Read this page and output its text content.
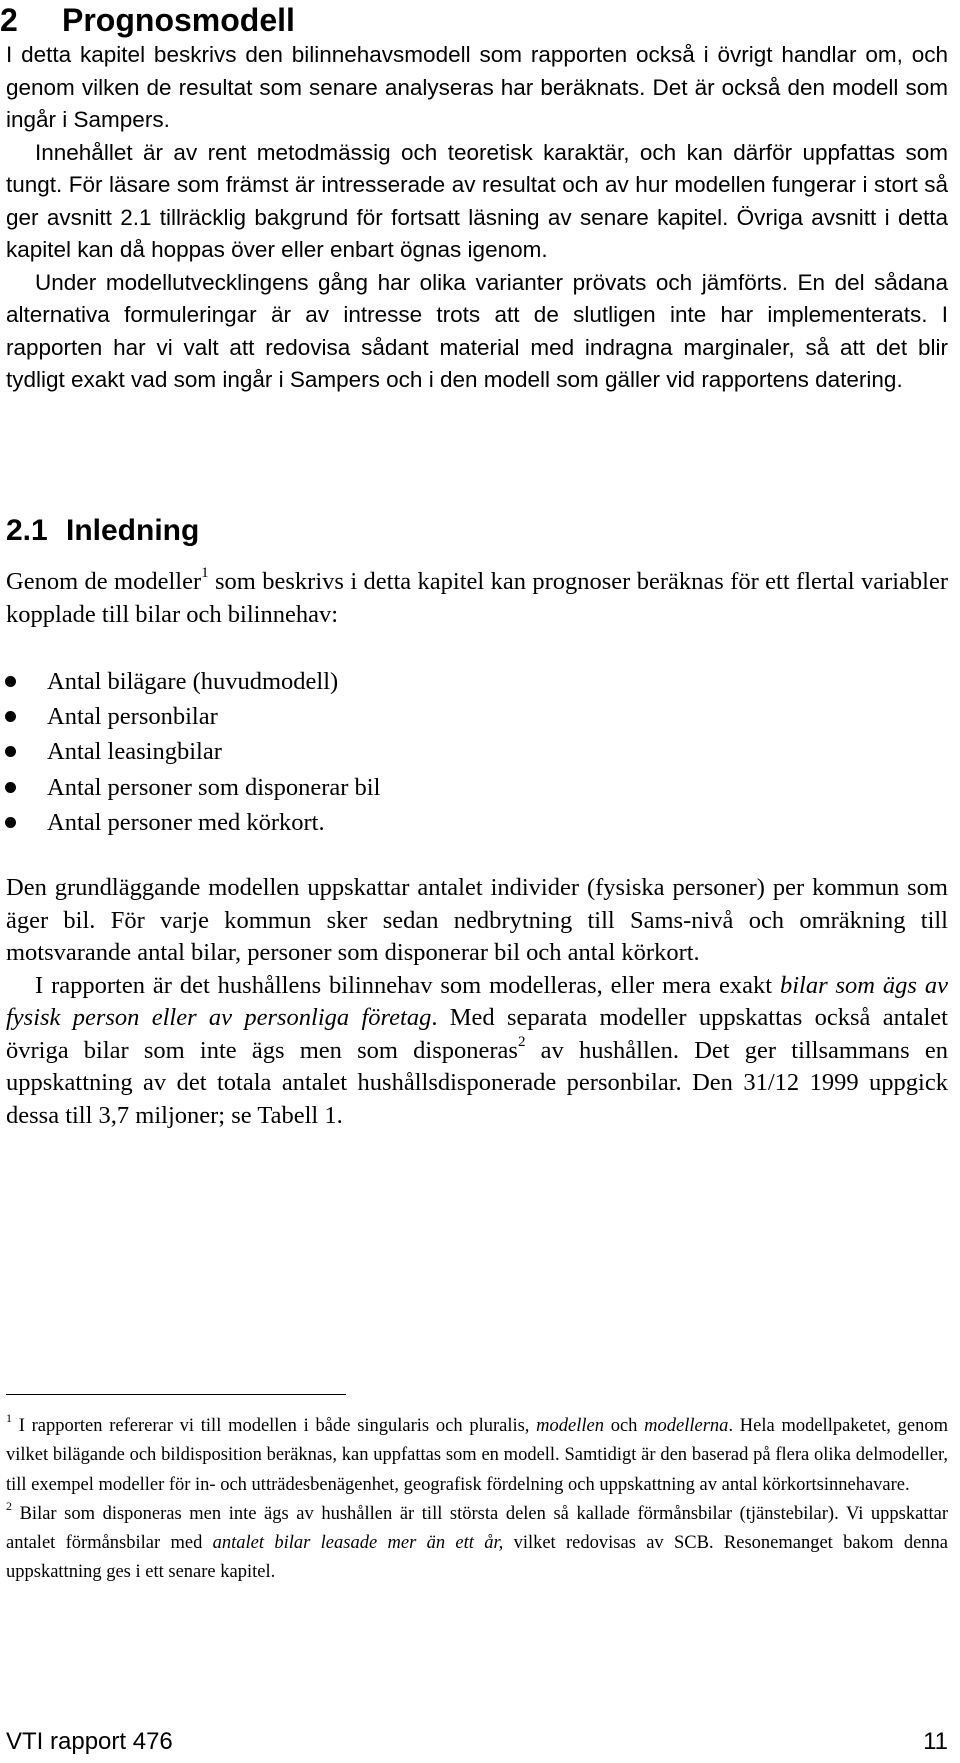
2 Prognosmodell

I detta kapitel beskrivs den bilinnehavsmodell som rapporten också i övrigt handlar om, och genom vilken de resultat som senare analyseras har beräknats. Det är också den modell som ingår i Sampers.

Innehållet är av rent metodmässig och teoretisk karaktär, och kan därför uppfattas som tungt. För läsare som främst är intresserade av resultat och av hur modellen fungerar i stort så ger avsnitt 2.1 tillräcklig bakgrund för fortsatt läsning av senare kapitel. Övriga avsnitt i detta kapitel kan då hoppas över eller enbart ögnas igenom.

Under modellutvecklingens gång har olika varianter prövats och jämförts. En del sådana alternativa formuleringar är av intresse trots att de slutligen inte har implementerats. I rapporten har vi valt att redovisa sådant material med indragna marginaler, så att det blir tydligt exakt vad som ingår i Sampers och i den modell som gäller vid rapportens datering.

2.1 Inledning

Genom de modeller$^1$ som beskrivs i detta kapitel kan prognoser beräknas för ett flertal variabler kopplade till bilar och bilinnehav:

Antal bilägare (huvudmodell)
Antal personbilar
Antal leasingbilar
Antal personer som disponerar bil
Antal personer med körkort.

Den grundläggande modellen uppskattar antalet individer (fysiska personer) per kommun som äger bil. För varje kommun sker sedan nedbrytning till Sams-nivå och omräkning till motsvarande antal bilar, personer som disponerar bil och antal körkort.

I rapporten är det hushållens bilinnehav som modelleras, eller mera exakt bilar som ägs av fysisk person eller av personliga företag. Med separata modeller uppskattas också antalet övriga bilar som inte ägs men som disponeras$^2$ av hushållen. Det ger tillsammans en uppskattning av det totala antalet hushållsdisponerade personbilar. Den 31/12 1999 uppgick dessa till 3,7 miljoner; se Tabell 1.

$^1$ I rapporten refererar vi till modellen i både singularis och pluralis, modellen och modellerna. Hela modellpaketet, genom vilket bilägande och bildisposition beräknas, kan uppfattas som en modell. Samtidigt är den baserad på flera olika delmodeller, till exempel modeller för in- och utträdesbenägenhet, geografisk fördelning och uppskattning av antal körkortsinnehavare.

$^2$ Bilar som disponeras men inte ägs av hushållen är till största delen så kallade förmånsbilar (tjänstebilar). Vi uppskattar antalet förmånsbilar med antalet bilar leasade mer än ett år, vilket redovisas av SCB. Resonemanget bakom denna uppskattning ges i ett senare kapitel.

VTI rapport 476	11
